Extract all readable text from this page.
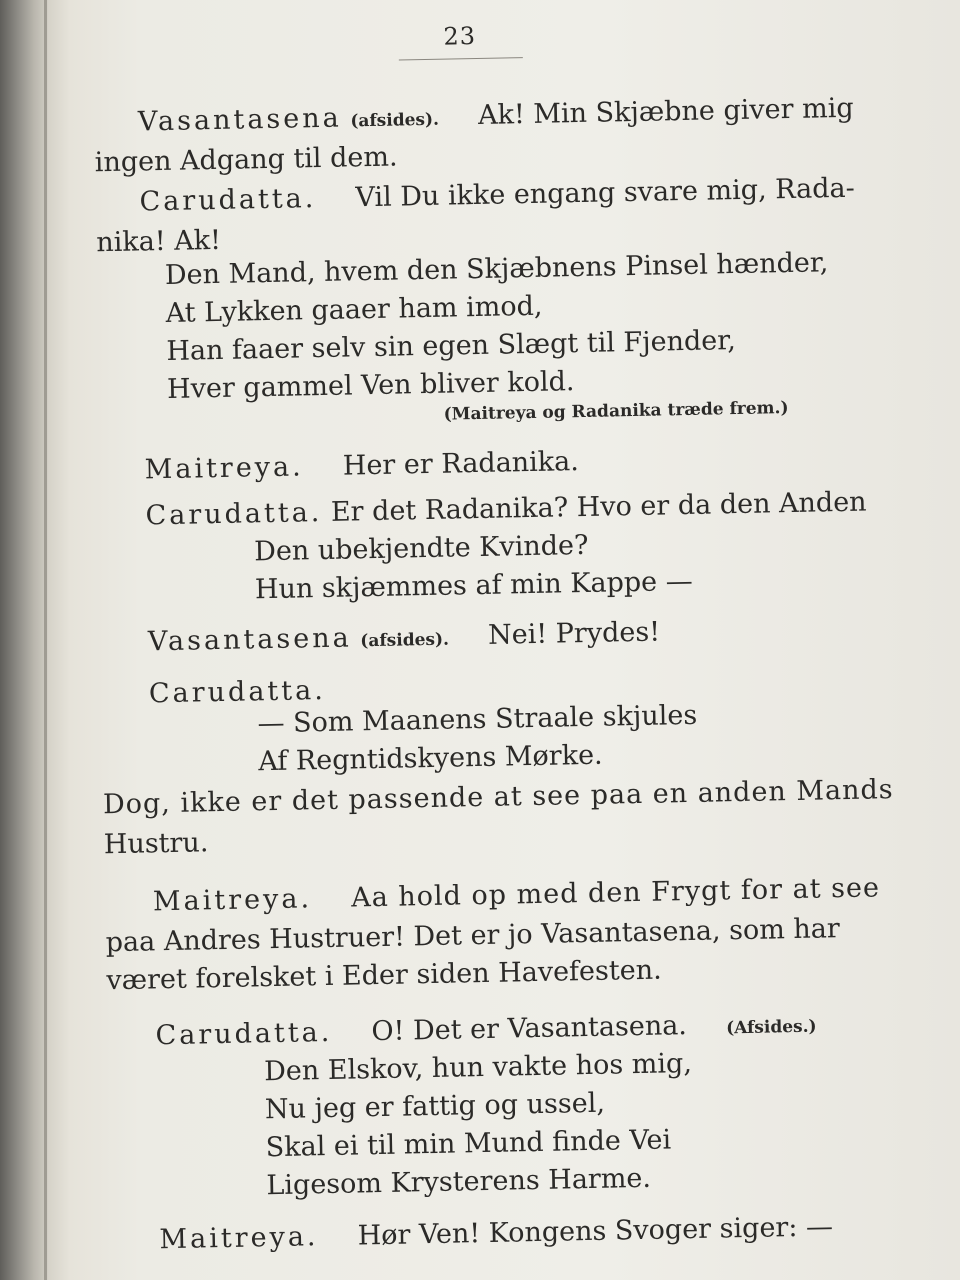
23
Vasantasena (afsides). Ak! Min Skjæbne giver mig
ingen Adgang til dem.
Carudatta. Vil Du ikke engang svare mig, Rada-
nika! Ak!
Den Mand, hvem den Skjæbnens Pinsel hænder,
At Lykken gaaer ham imod,
Han faaer selv sin egen Slægt til Fjender,
Hver gammel Ven bliver kold.
(Maitreya og Radanika træde frem.)
Maitreya. Her er Radanika.
Carudatta. Er det Radanika? Hvo er da den Anden
Den ubekjendte Kvinde?
Hun skjæmmes af min Kappe —
Vasantasena (afsides). Nei! Prydes!
Carudatta.
— Som Maanens Straale skjules
Af Regntidskyens Mørke.
Dog, ikke er det passende at see paa en anden Mands
Hustru.
Maitreya. Aa hold op med den Frygt for at see
paa Andres Hustruer! Det er jo Vasantasena, som har
været forelsket i Eder siden Havefesten.
Carudatta. O! Det er Vasantasena. (Afsides.)
Den Elskov, hun vakte hos mig,
Nu jeg er fattig og ussel,
Skal ei til min Mund finde Vei
Ligesom Krysterens Harme.
Maitreya. Hør Ven! Kongens Svoger siger: —
